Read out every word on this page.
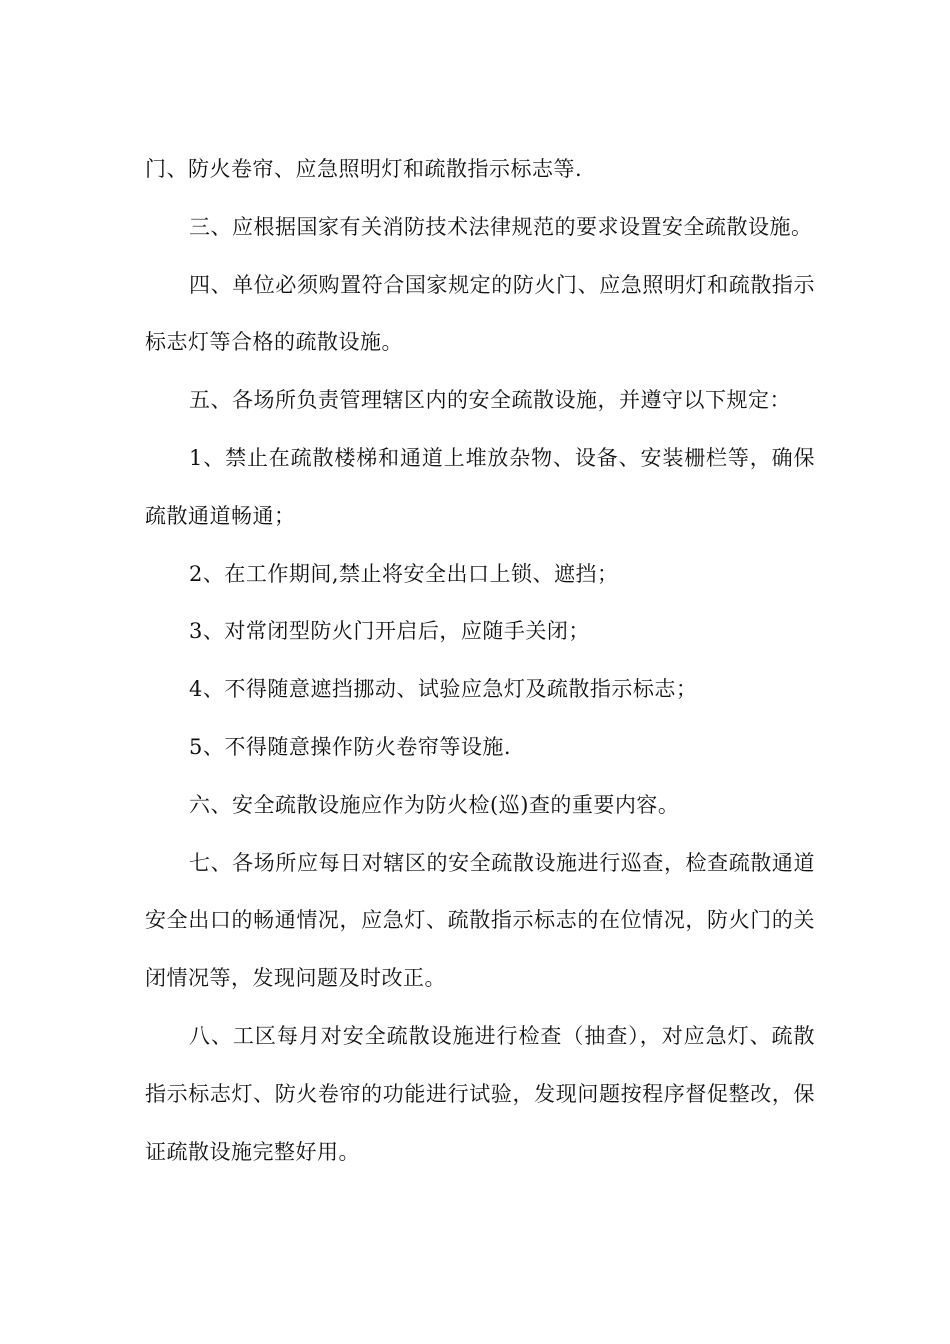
门、防火卷帘、应急照明灯和疏散指示标志等.

三、应根据国家有关消防技术法律规范的要求设置安全疏散设施。

四、单位必须购置符合国家规定的防火门、应急照明灯和疏散指示标志灯等合格的疏散设施。

五、各场所负责管理辖区内的安全疏散设施，并遵守以下规定：

1、禁止在疏散楼梯和通道上堆放杂物、设备、安装栅栏等，确保疏散通道畅通；

2、在工作期间,禁止将安全出口上锁、遮挡；

3、对常闭型防火门开启后，应随手关闭；

4、不得随意遮挡挪动、试验应急灯及疏散指示标志；

5、不得随意操作防火卷帘等设施.

六、安全疏散设施应作为防火检(巡)查的重要内容。

七、各场所应每日对辖区的安全疏散设施进行巡查，检查疏散通道安全出口的畅通情况，应急灯、疏散指示标志的在位情况，防火门的关闭情况等，发现问题及时改正。

八、工区每月对安全疏散设施进行检查（抽查），对应急灯、疏散指示标志灯、防火卷帘的功能进行试验，发现问题按程序督促整改，保证疏散设施完整好用。
